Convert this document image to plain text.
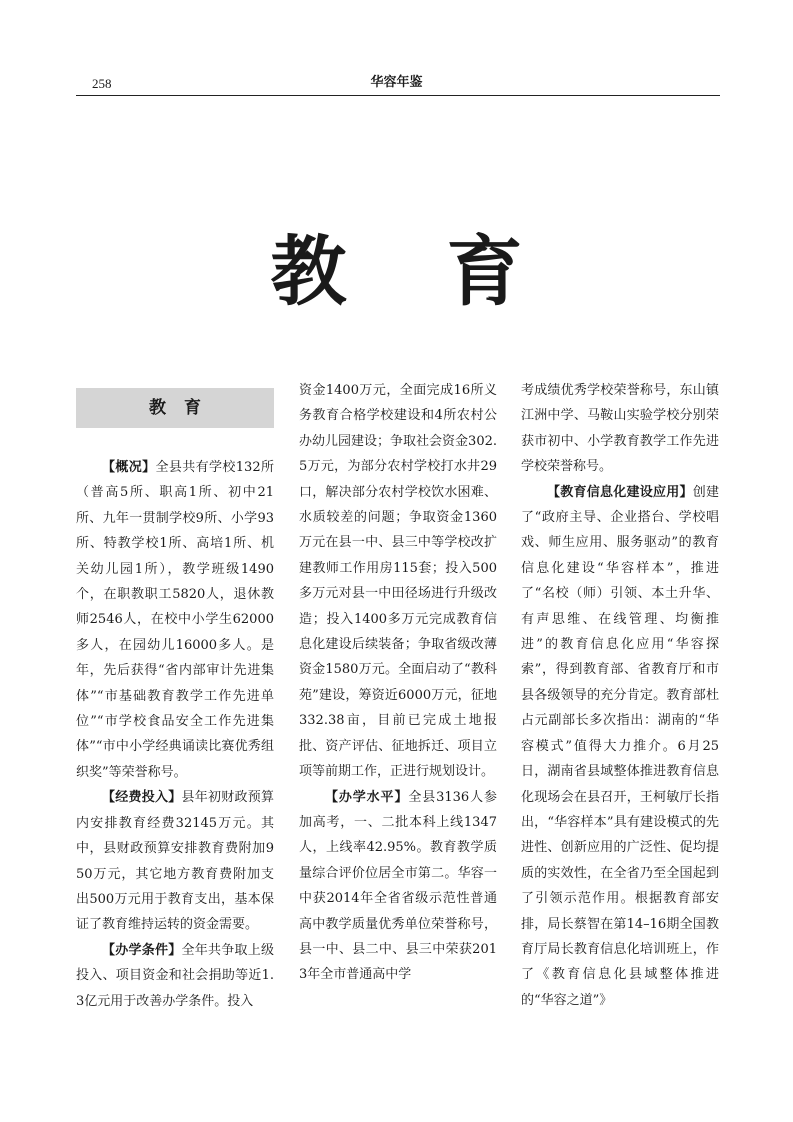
258	华容年鉴
教育
教育

【概况】全县共有学校132所（普高5所、职高1所、初中21所、九年一贯制学校9所、小学93所、特教学校1所、高培1所、机关幼儿园1所），教学班级1490个，在职教职工5820人，退休教师2546人，在校中小学生62000多人，在园幼儿16000多人。是年，先后获得“省内部审计先进集体”“市基础教育教学工作先进单位”“市学校食品安全工作先进集体”“市中小学经典诵读比赛优秀组织奖”等荣誉称号。

【经费投入】县年初财政预算内安排教育经费32145万元。其中，县财政预算安排教育费附加950万元，其它地方教育费附加支出500万元用于教育支出，基本保证了教育维持运转的资金需要。

【办学条件】全年共争取上级投入、项目资金和社会捐助等近1.3亿元用于改善办学条件。投入

资金1400万元，全面完成16所义务教育合格学校建设和4所农村公办幼儿园建设；争取社会资金302.5万元，为部分农村学校打水井29口，解决部分农村学校饮水困难、水质较差的问题；争取资金1360万元在县一中、县三中等学校改扩建教师工作用房115套；投入500多万元对县一中田径场进行升级改造；投入1400多万元完成教育信息化建设后续装备；争取省级改薄资金1580万元。全面启动了“教科苑”建设，筹资近6000万元，征地332.38亩，目前已完成土地报批、资产评估、征地拆迁、项目立项等前期工作，正进行规划设计。

【办学水平】全县3136人参加高考，一、二批本科上线1347人，上线率42.95%。教育教学质量综合评价位居全市第二。华容一中获2014年全省省级示范性普通高中教学质量优秀单位荣誉称号，县一中、县二中、县三中荣获2013年全市普通高中学

考成绩优秀学校荣誉称号，东山镇江洲中学、马鞍山实验学校分别荣获市初中、小学教育教学工作先进学校荣誉称号。

【教育信息化建设应用】创建了“政府主导、企业搭台、学校唱戏、师生应用、服务驱动”的教育信息化建设“华容样本”，推进了“名校（师）引领、本土升华、有声思维、在线管理、均衡推进”的教育信息化应用“华容探索”，得到教育部、省教育厅和市县各级领导的充分肯定。教育部杜占元副部长多次指出：湖南的“华容模式”值得大力推介。6月25日，湖南省县域整体推进教育信息化现场会在县召开，王柯敏厅长指出，“华容样本”具有建设模式的先进性、创新应用的广泛性、促均提质的实效性，在全省乃至全国起到了引领示范作用。根据教育部安排，局长蔡智在第14–16期全国教育厅局长教育信息化培训班上，作了《教育信息化县域整体推进的“华容之道”》
